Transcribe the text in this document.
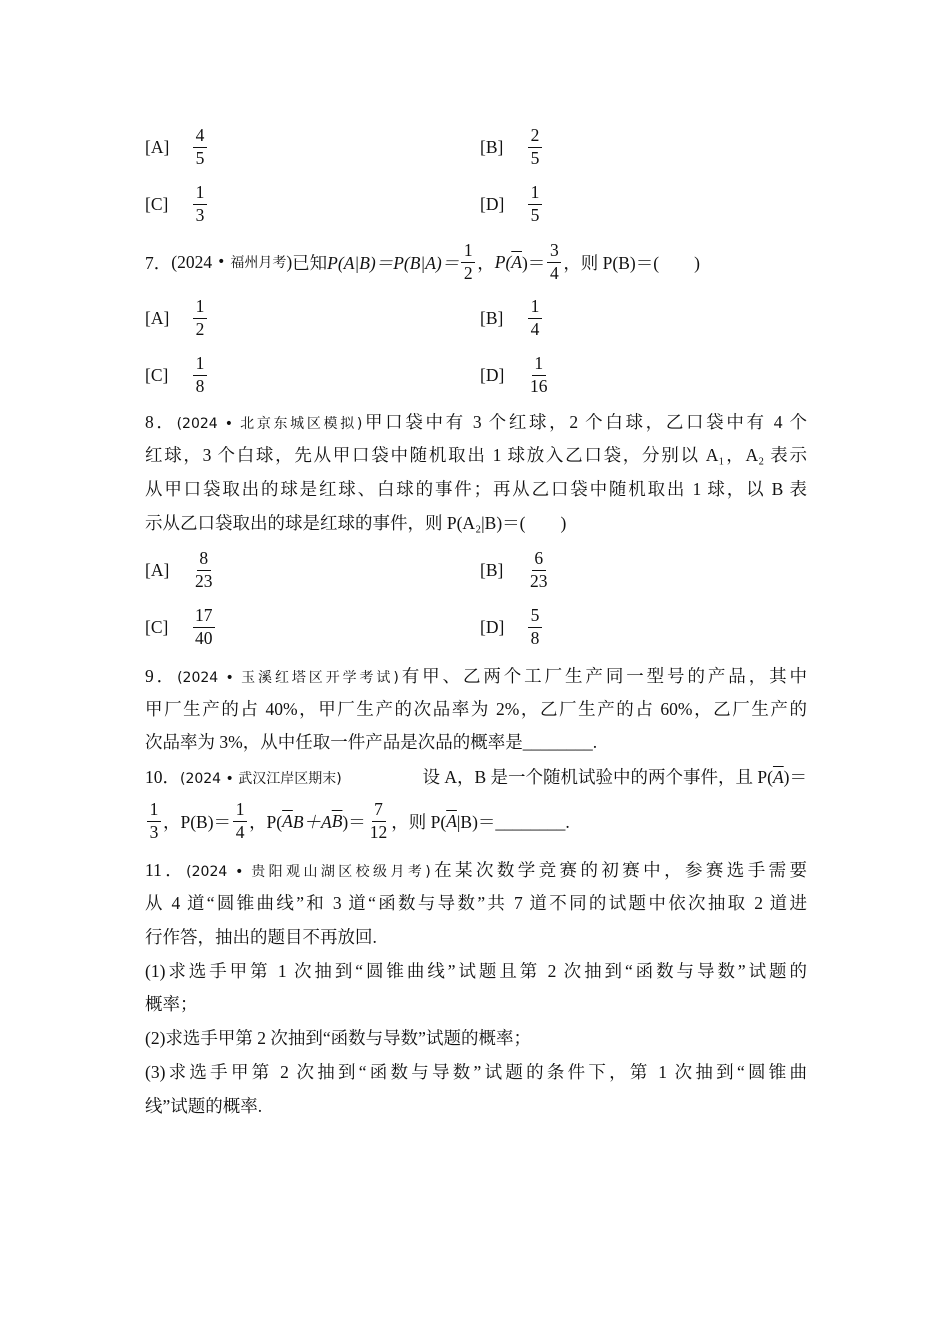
[A]	$\frac{4}{5}$	[B]	$\frac{2}{5}$
[C]	$\frac{1}{3}$	[D]	$\frac{1}{5}$
7． (2024 • 福州月考 ) 已知 $P(A|B)=P(B|A)= \frac{1}{2}$ ， P( $\overline{A}$ )＝ $\frac{3}{4}$ ，则 P(B)＝(　　)
[A]	$\frac{1}{2}$	[B]	$\frac{1}{4}$
[C]	$\frac{1}{8}$	[D]	$\frac{1}{16}$
8．(2024 • 北京东城区模拟)甲口袋中有 3 个红球，2 个白球，乙口袋中有 4 个
红球，3 个白球，先从甲口袋中随机取出 1 球放入乙口袋，分别以 A₁，A₂ 表示
从甲口袋取出的球是红球、白球的事件；再从乙口袋中随机取出 1 球，以 B 表
示从乙口袋取出的球是红球的事件，则 P(A₂|B)＝(　　)
[A]	$\frac{8}{23}$	[B]	$\frac{6}{23}$
[C]	$\frac{17}{40}$	[D]	$\frac{5}{8}$
9．(2024 • 玉溪红塔区开学考试)有甲、乙两个工厂生产同一型号的产品，其中
甲厂生产的占 40%，甲厂生产的次品率为 2%，乙厂生产的占 60%，乙厂生产的
次品率为 3%，从中任取一件产品是次品的概率是________.
10．(2024 • 武汉江岸区期末)	设 A，B 是一个随机试验中的两个事件，且 $P(\overline{A})=$
$\frac{1}{3}$ ，$P(B)= \frac{1}{4}$ ，P( $\overline{A}$ B＋A $\overline{B}$ )＝ $\frac{7}{12}$ ，则 P( $\overline{A}$ |B)＝________.
11．(2024 • 贵阳观山湖区校级月考)在某次数学竞赛的初赛中，参赛选手需要
从 4 道“圆锥曲线”和 3 道“函数与导数”共 7 道不同的试题中依次抽取 2 道进
行作答，抽出的题目不再放回.
(1)求选手甲第 1 次抽到“圆锥曲线”试题且第 2 次抽到“函数与导数”试题的
概率；
(2)求选手甲第 2 次抽到“函数与导数”试题的概率；
(3)求选手甲第 2 次抽到“函数与导数”试题的条件下，第 1 次抽到“圆锥曲
线”试题的概率.
